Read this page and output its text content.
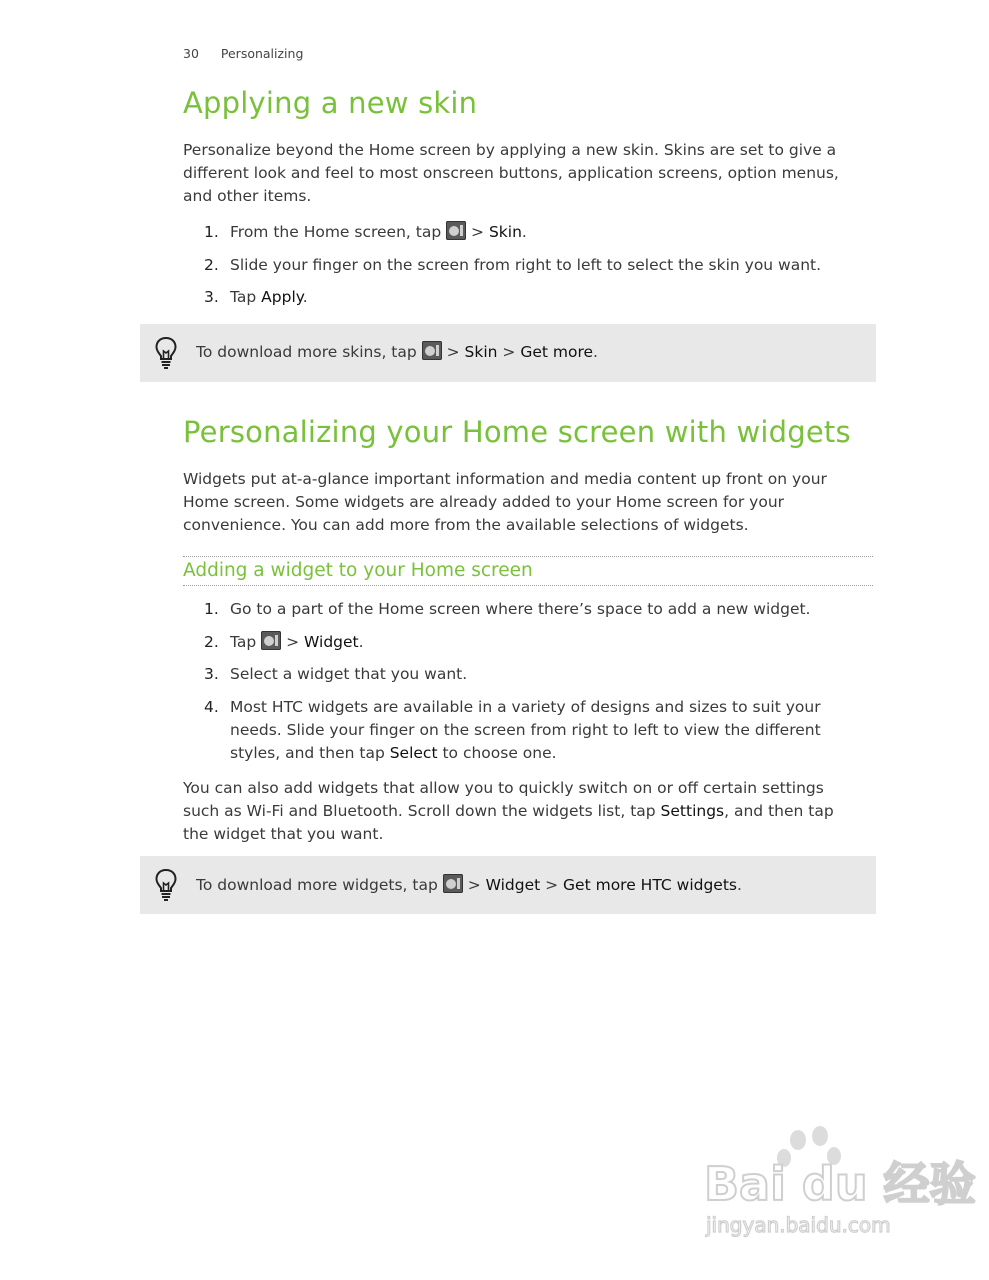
30 Personalizing
Applying a new skin

Personalize beyond the Home screen by applying a new skin. Skins are set to give a different look and feel to most onscreen buttons, application screens, option menus, and other items.

1. From the Home screen, tap  > Skin.
2. Slide your finger on the screen from right to left to select the skin you want.
3. Tap Apply.
To download more skins, tap  > Skin > Get more.
Personalizing your Home screen with widgets

Widgets put at-a-glance important information and media content up front on your Home screen. Some widgets are already added to your Home screen for your convenience. You can add more from the available selections of widgets.

Adding a widget to your Home screen
1. Go to a part of the Home screen where there’s space to add a new widget.
2. Tap  > Widget.
3. Select a widget that you want.
4. Most HTC widgets are available in a variety of designs and sizes to suit your needs. Slide your finger on the screen from right to left to view the different styles, and then tap Select to choose one.

You can also add widgets that allow you to quickly switch on or off certain settings such as Wi-Fi and Bluetooth. Scroll down the widgets list, tap Settings, and then tap the widget that you want.

To download more widgets, tap  > Widget > Get more HTC widgets.
Bai du 经验
jingyan.baidu.com
